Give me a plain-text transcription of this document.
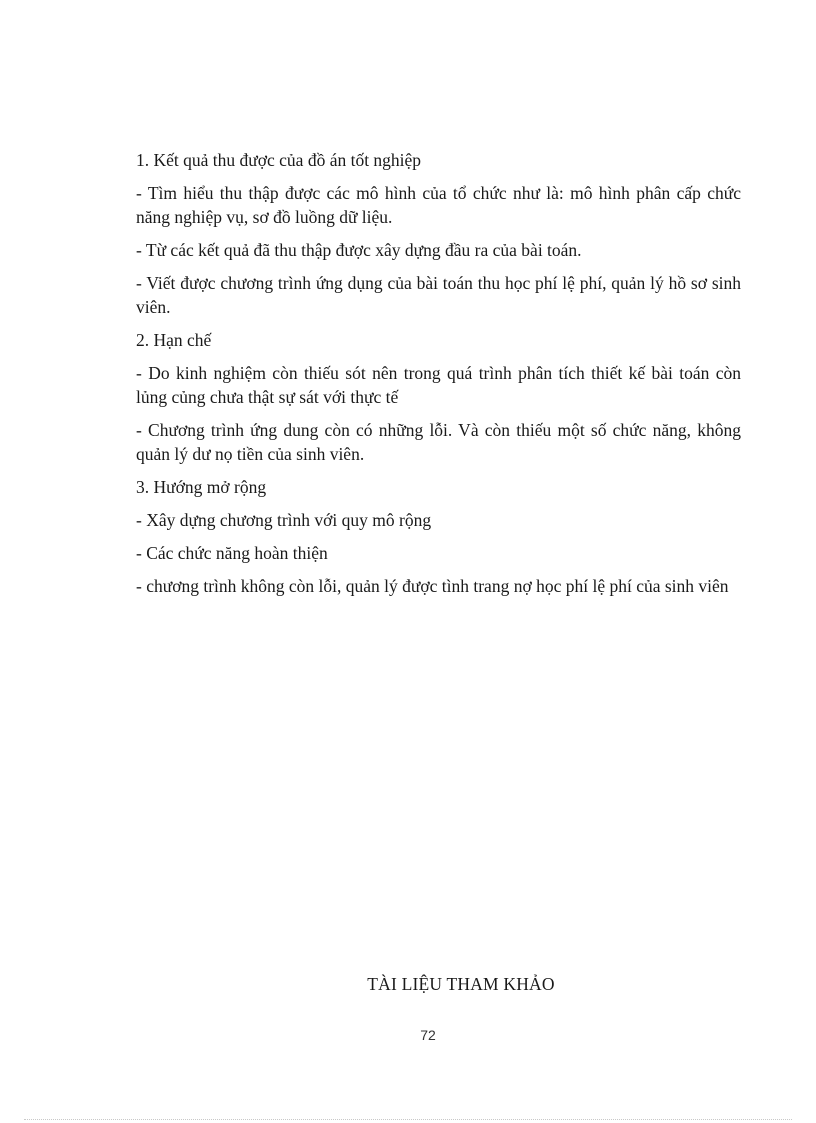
1. Kết quả thu được của đồ án tốt nghiệp

- Tìm hiểu thu thập được các mô hình của tổ chức như là: mô hình phân cấp chức năng nghiệp vụ, sơ đồ luồng dữ liệu.

- Từ các kết quả đã thu thập được xây dựng đầu ra của bài toán.

- Viết được chương trình ứng dụng của bài toán thu học phí lệ phí, quản lý hồ sơ sinh viên.

2. Hạn chế

- Do kinh nghiệm còn thiếu sót nên trong quá trình phân tích thiết kế bài toán còn lủng củng chưa thật sự sát với thực tế

- Chương trình ứng dung còn có những lỗi. Và còn thiếu một số chức năng, không quản lý dư nọ tiền của sinh viên.

3. Hướng mở rộng

- Xây dựng chương trình với quy mô rộng

- Các chức năng hoàn thiện

- chương trình không còn lỗi, quản lý được tình trang nợ học phí lệ phí của sinh viên

TÀI LIỆU THAM KHẢO
72
